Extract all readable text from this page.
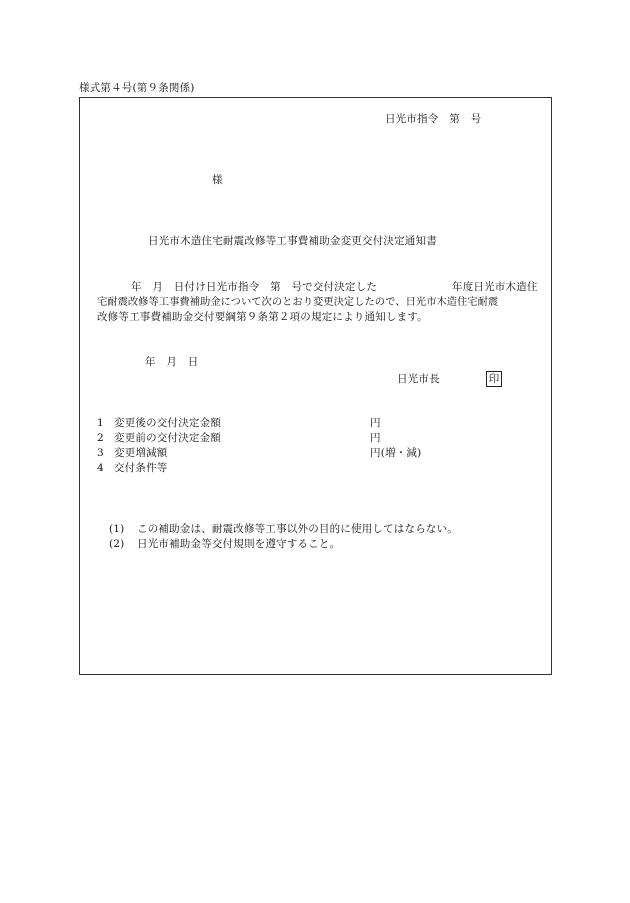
様式第４号(第９条関係)
日光市指令　第　号
様
日光市木造住宅耐震改修等工事費補助金変更交付決定通知書
年　月　日付け日光市指令　第　号で交付決定した	年度日光市木造住
宅耐震改修等工事費補助金について次のとおり変更決定したので、日光市木造住宅耐震
改修等工事費補助金交付要綱第９条第２項の規定により通知します。
年　月　日
日光市長	印
1 変更後の交付決定金額	円
2 変更前の交付決定金額	円
3 変更増減額	円(増・減)
4 交付条件等
(1) この補助金は、耐震改修等工事以外の目的に使用してはならない。
(2) 日光市補助金等交付規則を遵守すること。
